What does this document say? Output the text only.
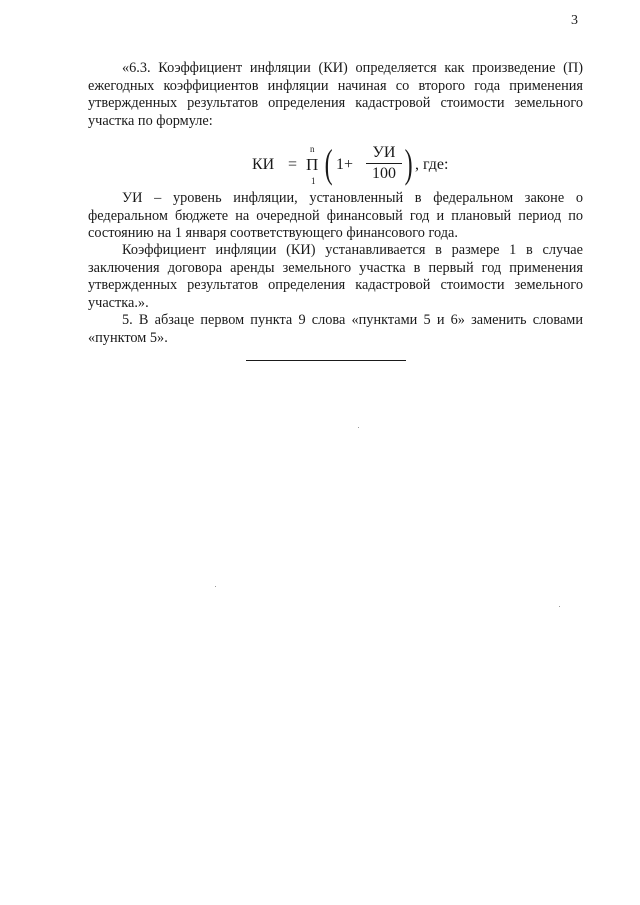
3

«6.3. Коэффициент инфляции (КИ) определяется как произведение (П) ежегодных коэффициентов инфляции начиная со второго года применения утвержденных результатов определения кадастровой стоимости земельного участка по формуле:

КИ =
n
П
1 ( 1+
УИ
100 ) , где:

УИ – уровень инфляции, установленный в федеральном законе о федеральном бюджете на очередной финансовый год и плановый период по состоянию на 1 января соответствующего финансового года.

Коэффициент инфляции (КИ) устанавливается в размере 1 в случае заключения договора аренды земельного участка в первый год применения утвержденных результатов определения кадастровой стоимости земельного участка.».

5. В абзаце первом пункта 9 слова «пунктами 5 и 6» заменить словами «пунктом 5».
